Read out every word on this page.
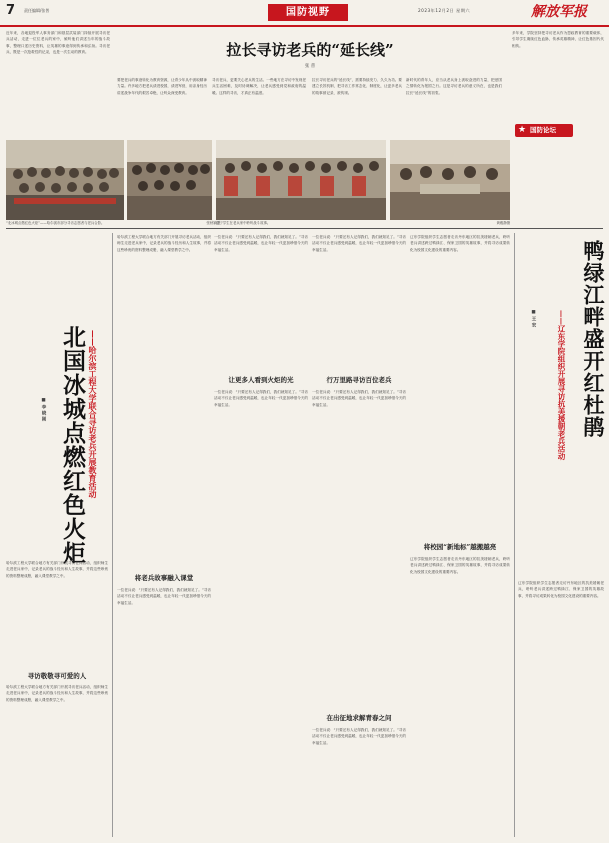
7 责任编辑/张普	国防视野	2023年12月2日 星期六	解放军报
拉长寻访老兵的“延长线”
张 普
近年来，各地退役军人事务部门和基层武装部门持续开展寻访老兵活动，走进一位位老兵的家中，倾听他们讲述当年的战斗故事，整理口述历史资料，让英雄的事迹得到传承和弘扬。寻访老兵，既是一次抢救性的记录，也是一次生动的教育。
要把老兵的事迹转化为教育资源，让青少年从中汲取精神力量。许多地方把老兵请进校园，请进军营，用亲身经历讲述战争年代的艰苦卓绝，让听众深受教育。
寻访老兵，更要关心老兵的生活。一些地方在寻访中发现老兵生活困难，及时协调解决，让老兵感受到党和政府的温暖。这样的寻访，才真正有温度。
拉长寻访老兵的“延长线”，需要持续发力、久久为功。要建立长效机制，把寻访工作常态化、制度化，让更多老兵的故事被记录、被传颂。
新时代的青年人，应当从老兵身上汲取奋进的力量，把爱国之情转化为报国之行。这是寻访老兵的意义所在，也是我们拉长“延长线”的初衷。
多年来，学院坚持把寻访老兵作为思政教育的重要载体，引导学生赓续红色血脉，传承英雄精神，让红色基因代代相传。
★ 国防论坛
“北冰城点燃红色火炬”——哈尔滨市部分寻访志愿者与老兵合影。	张秋颖摄
辽宁学生在老兵家中聆听战斗故事。	黄雅静摄
北国冰城点燃红色火炬 ——哈尔滨工程大学联合寻访老兵开展教育活动
■ 李 晓 刚
哈尔滨工程大学联合地方有关部门开展寻访老兵活动，组织师生走进老兵家中，记录老兵的战斗经历和人生故事，并将这些珍贵的资料整理成册，融入课堂教学之中。
寻访敬敬寻可爱的人
哈尔滨工程大学联合地方有关部门开展寻访老兵活动，组织师生走进老兵家中，记录老兵的战斗经历和人生故事，并将这些珍贵的资料整理成册，融入课堂教学之中。
哈尔滨工程大学联合地方有关部门开展寻访老兵活动，组织师生走进老兵家中，记录老兵的战斗经历和人生故事，并将这些珍贵的资料整理成册，融入课堂教学之中。
将老兵故事融入课堂
一位老兵说：“只要还有人记得我们，我们就知足了。”寻访活动不仅让老兵感受到温暖，也让年轻一代更加珍惜今天的幸福生活。
一位老兵说：“只要还有人记得我们，我们就知足了。”寻访活动不仅让老兵感受到温暖，也让年轻一代更加珍惜今天的幸福生活。
让更多人看到火炬的光
一位老兵说：“只要还有人记得我们，我们就知足了。”寻访活动不仅让老兵感受到温暖，也让年轻一代更加珍惜今天的幸福生活。
一位老兵说：“只要还有人记得我们，我们就知足了。”寻访活动不仅让老兵感受到温暖，也让年轻一代更加珍惜今天的幸福生活。
行万里路寻访百位老兵
一位老兵说：“只要还有人记得我们，我们就知足了。”寻访活动不仅让老兵感受到温暖，也让年轻一代更加珍惜今天的幸福生活。
在出征地求解青春之问
一位老兵说：“只要还有人记得我们，我们就知足了。”寻访活动不仅让老兵感受到温暖，也让年轻一代更加珍惜今天的幸福生活。
辽东学院组织学生志愿者走访丹东地区的抗美援朝老兵，聆听老兵讲述跨过鸭绿江、保家卫国的英雄故事，并将寻访成果转化为校园文化建设的重要内容。
将校园“新地标”越搬越亮
辽东学院组织学生志愿者走访丹东地区的抗美援朝老兵，聆听老兵讲述跨过鸭绿江、保家卫国的英雄故事，并将寻访成果转化为校园文化建设的重要内容。
鸭绿江畔盛开红杜鹃
——辽东学院组织开展寻访抗美援朝老兵活动
■ 王 宏
辽东学院组织学生志愿者走访丹东地区的抗美援朝老兵，聆听老兵讲述跨过鸭绿江、保家卫国的英雄故事，并将寻访成果转化为校园文化建设的重要内容。
